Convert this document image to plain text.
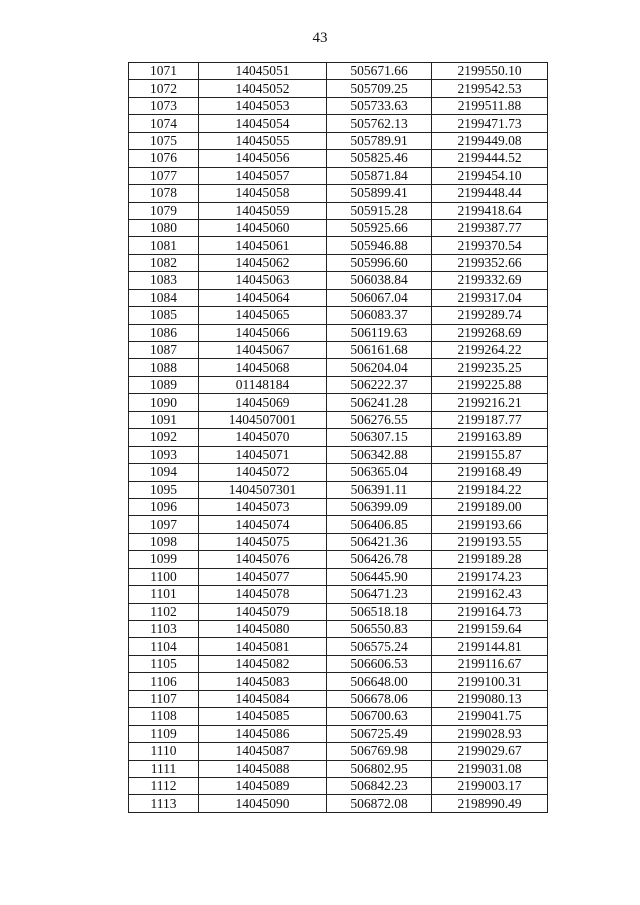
43
1071	14045051	505671.66	2199550.10
1072	14045052	505709.25	2199542.53
1073	14045053	505733.63	2199511.88
1074	14045054	505762.13	2199471.73
1075	14045055	505789.91	2199449.08
1076	14045056	505825.46	2199444.52
1077	14045057	505871.84	2199454.10
1078	14045058	505899.41	2199448.44
1079	14045059	505915.28	2199418.64
1080	14045060	505925.66	2199387.77
1081	14045061	505946.88	2199370.54
1082	14045062	505996.60	2199352.66
1083	14045063	506038.84	2199332.69
1084	14045064	506067.04	2199317.04
1085	14045065	506083.37	2199289.74
1086	14045066	506119.63	2199268.69
1087	14045067	506161.68	2199264.22
1088	14045068	506204.04	2199235.25
1089	01148184	506222.37	2199225.88
1090	14045069	506241.28	2199216.21
1091	1404507001	506276.55	2199187.77
1092	14045070	506307.15	2199163.89
1093	14045071	506342.88	2199155.87
1094	14045072	506365.04	2199168.49
1095	1404507301	506391.11	2199184.22
1096	14045073	506399.09	2199189.00
1097	14045074	506406.85	2199193.66
1098	14045075	506421.36	2199193.55
1099	14045076	506426.78	2199189.28
1100	14045077	506445.90	2199174.23
1101	14045078	506471.23	2199162.43
1102	14045079	506518.18	2199164.73
1103	14045080	506550.83	2199159.64
1104	14045081	506575.24	2199144.81
1105	14045082	506606.53	2199116.67
1106	14045083	506648.00	2199100.31
1107	14045084	506678.06	2199080.13
1108	14045085	506700.63	2199041.75
1109	14045086	506725.49	2199028.93
1110	14045087	506769.98	2199029.67
1111	14045088	506802.95	2199031.08
1112	14045089	506842.23	2199003.17
1113	14045090	506872.08	2198990.49
